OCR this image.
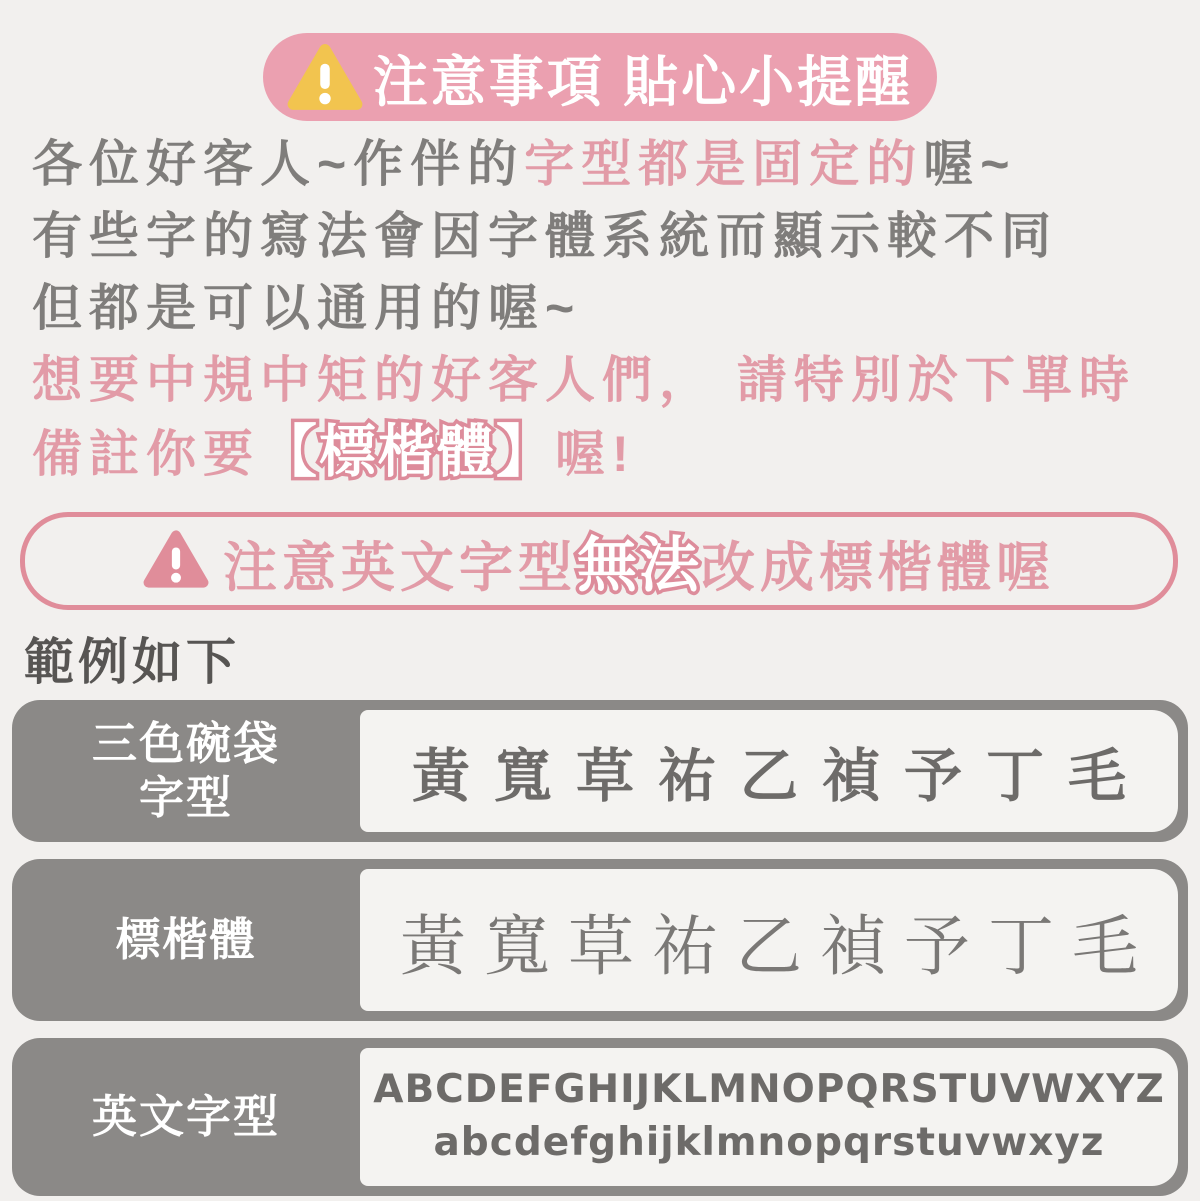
注意事項 貼心小提醒

各位好客人~作伴的字型都是固定的喔~

有些字的寫法會因字體系統而顯示較不同

但都是可以通用的喔~

想要中規中矩的好客人們， 請特別於下單時

備註你要【標楷體】喔!

注意英文字型無法改成標楷體喔
範例如下
三色碗袋
字型	黃寬草祐乙禎予丁毛
標楷體	黃寬草祐乙禎予丁毛
英文字型
ABCDEFGHIJKLMNOPQRSTUVWXYZ
abcdefghijklmnopqrstuvwxyz
